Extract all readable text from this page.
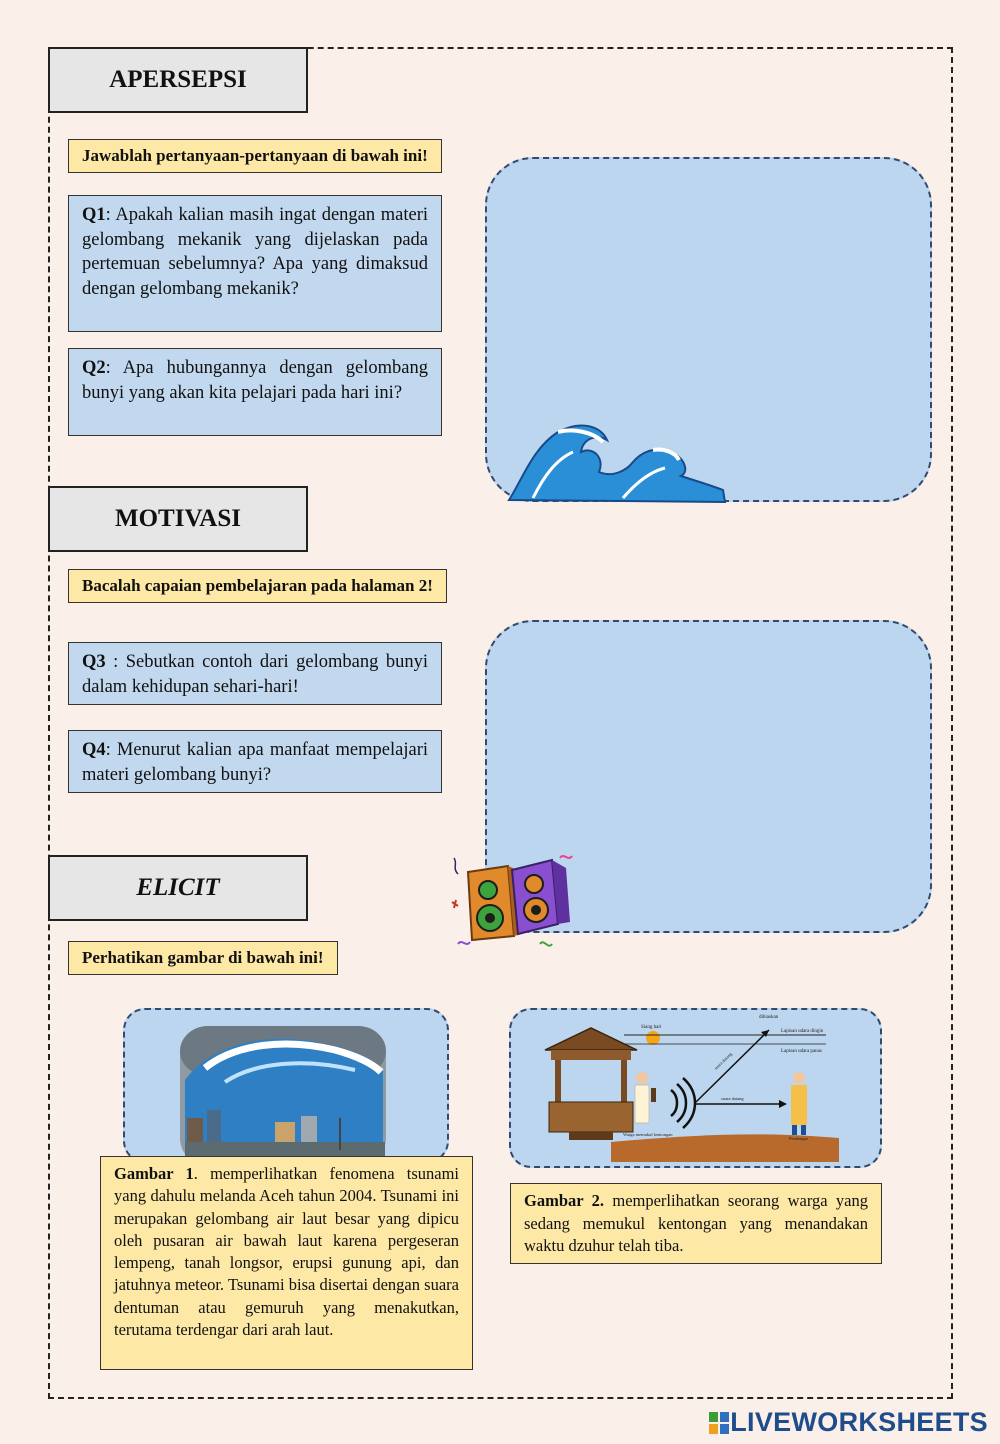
APERSEPSI
Jawablah pertanyaan-pertanyaan di bawah ini!
Q1: Apakah kalian masih ingat dengan materi gelombang mekanik yang dijelaskan pada pertemuan sebelumnya? Apa yang dimaksud dengan gelombang mekanik?
Q2: Apa hubungannya dengan gelombang bunyi yang akan kita pelajari pada hari ini?
MOTIVASI
Bacalah capaian pembelajaran pada halaman 2!
Q3 : Sebutkan contoh dari gelombang bunyi dalam kehidupan sehari-hari!
Q4: Menurut kalian apa manfaat mempelajari materi gelombang bunyi?
ELICIT
Perhatikan gambar di bawah ini!
Gambar 1. memperlihatkan fenomena tsunami yang dahulu melanda Aceh tahun 2004. Tsunami ini merupakan gelombang air laut besar yang dipicu oleh pusaran air bawah laut karena pergeseran lempeng, tanah longsor, erupsi gunung api, dan jatuhnya meteor. Tsunami bisa disertai dengan suara dentuman atau gemuruh yang menakutkan, terutama terdengar dari arah laut.
Siang hari
Lapisan udara dingin
Lapisan udara panas
dibiaskan
Warga memukul kentongan
suara datang
suara datang
Pendengar
Gambar 2. memperlihatkan seorang warga yang sedang memukul kentongan yang menandakan waktu dzuhur telah tiba.
LIVEWORKSHEETS
